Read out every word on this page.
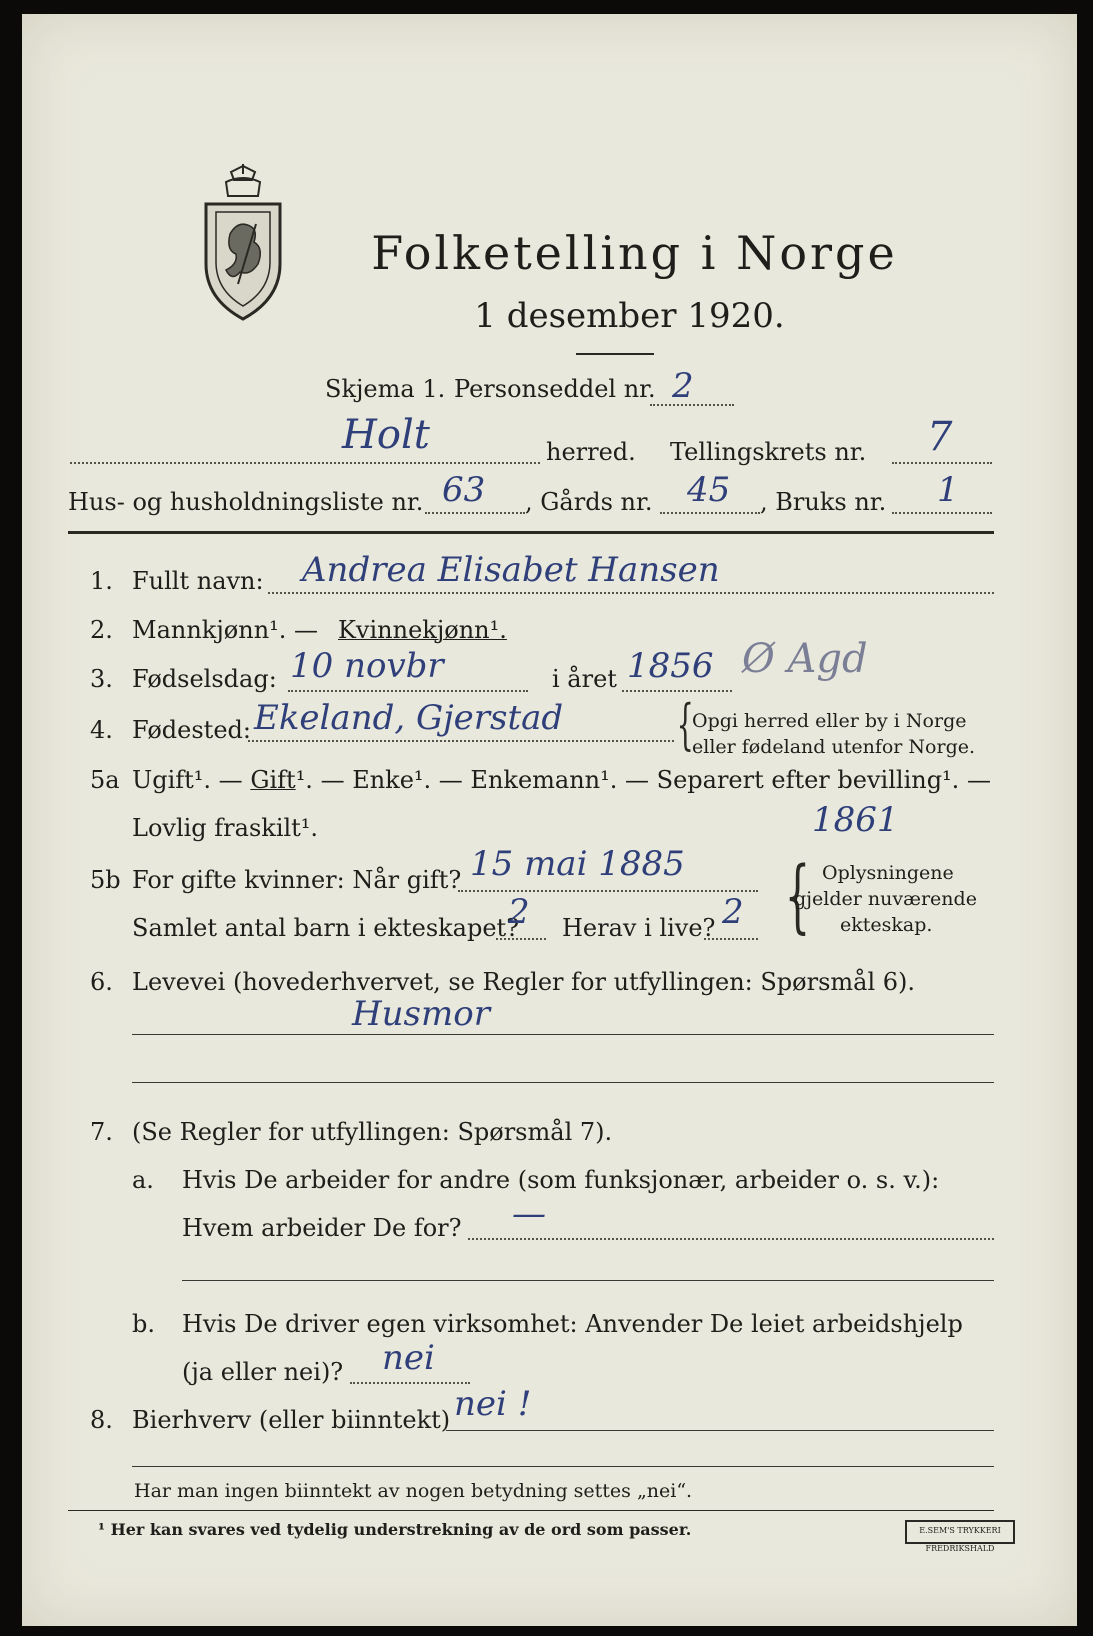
Folketelling i Norge
1 desember 1920.
Skjema 1. Personseddel nr. 2
Holt	herred. Tellingskrets nr. 7
Hus- og husholdningsliste nr. 63 , Gårds nr. 45 , Bruks nr. 1
1. Fullt navn: Andrea Elisabet Hansen
2. Mannkjønn¹. — Kvinnekjønn¹.
3. Fødselsdag: 10 novbr	i året 1856 Ø Agd
4. Fødested: Ekeland, Gjerstad {
Opgi herred eller by i Norge
eller fødeland utenfor Norge.
5a Ugift¹. — Gift¹. — Enke¹. — Enkemann¹. — Separert efter bevilling¹. —
Lovlig fraskilt¹.	1861
5b For gifte kvinner: Når gift? 15 mai 1885
Samlet antal barn i ekteskapet?
2 Herav i live? 2 { Oplysningene
gjelder nuværende
ekteskap.
6. Levevei (hovederhvervet, se Regler for utfyllingen: Spørsmål 6).
Husmor
7. (Se Regler for utfyllingen: Spørsmål 7).
a. Hvis De arbeider for andre (som funksjonær, arbeider o. s. v.):
Hvem arbeider De for? —
b. Hvis De driver egen virksomhet: Anvender De leiet arbeidshjelp
(ja eller nei)? nei
8. Bierhverv (eller biinntekt) nei !
Har man ingen biinntekt av nogen betydning settes „nei“.
¹ Her kan svares ved tydelig understrekning av de ord som passer.	E.SEM'S TRYKKERI FREDRIKSHALD
